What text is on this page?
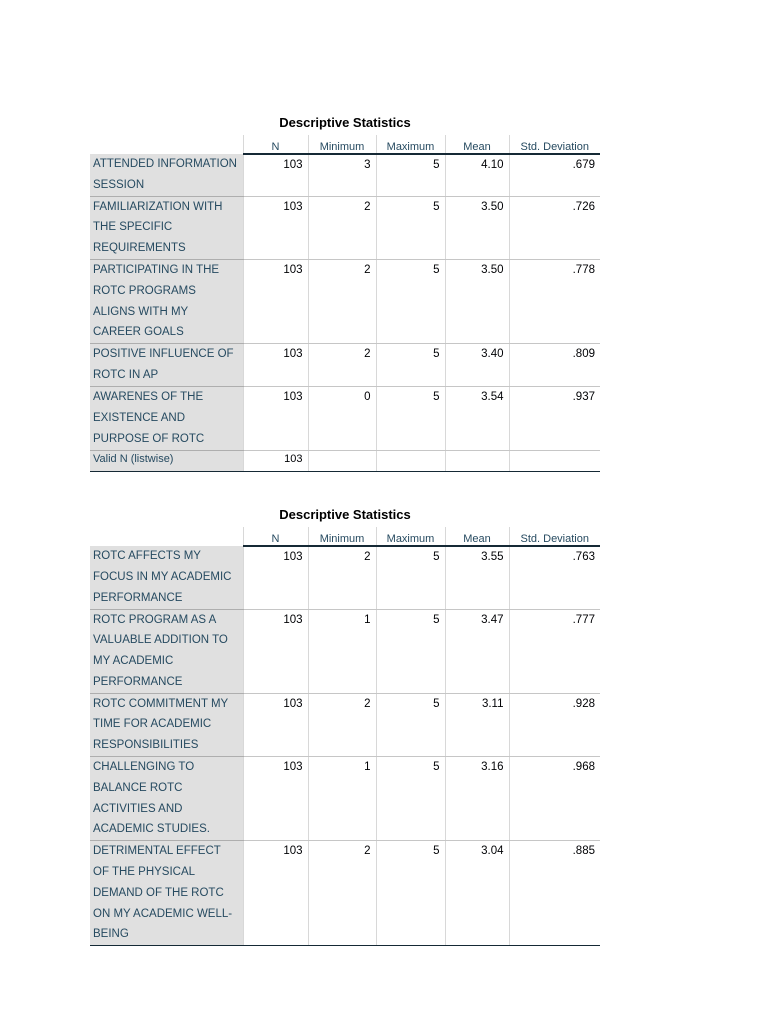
Descriptive Statistics
	N	Minimum	Maximum	Mean	Std. Deviation
ATTENDED INFORMATION SESSION	103	3	5	4.10	.679
FAMILIARIZATION WITH THE SPECIFIC REQUIREMENTS	103	2	5	3.50	.726
PARTICIPATING IN THE ROTC PROGRAMS ALIGNS WITH MY CAREER GOALS	103	2	5	3.50	.778
POSITIVE INFLUENCE OF ROTC IN AP	103	2	5	3.40	.809
AWARENES OF THE EXISTENCE AND PURPOSE OF ROTC	103	0	5	3.54	.937
Valid N (listwise)	103				
Descriptive Statistics
	N	Minimum	Maximum	Mean	Std. Deviation
ROTC AFFECTS MY FOCUS IN MY ACADEMIC PERFORMANCE	103	2	5	3.55	.763
ROTC PROGRAM AS A VALUABLE ADDITION TO MY ACADEMIC PERFORMANCE	103	1	5	3.47	.777
ROTC COMMITMENT MY TIME FOR ACADEMIC RESPONSIBILITIES	103	2	5	3.11	.928
CHALLENGING TO BALANCE ROTC ACTIVITIES AND ACADEMIC STUDIES.	103	1	5	3.16	.968
DETRIMENTAL EFFECT OF THE PHYSICAL DEMAND OF THE ROTC ON MY ACADEMIC WELL-BEING	103	2	5	3.04	.885
